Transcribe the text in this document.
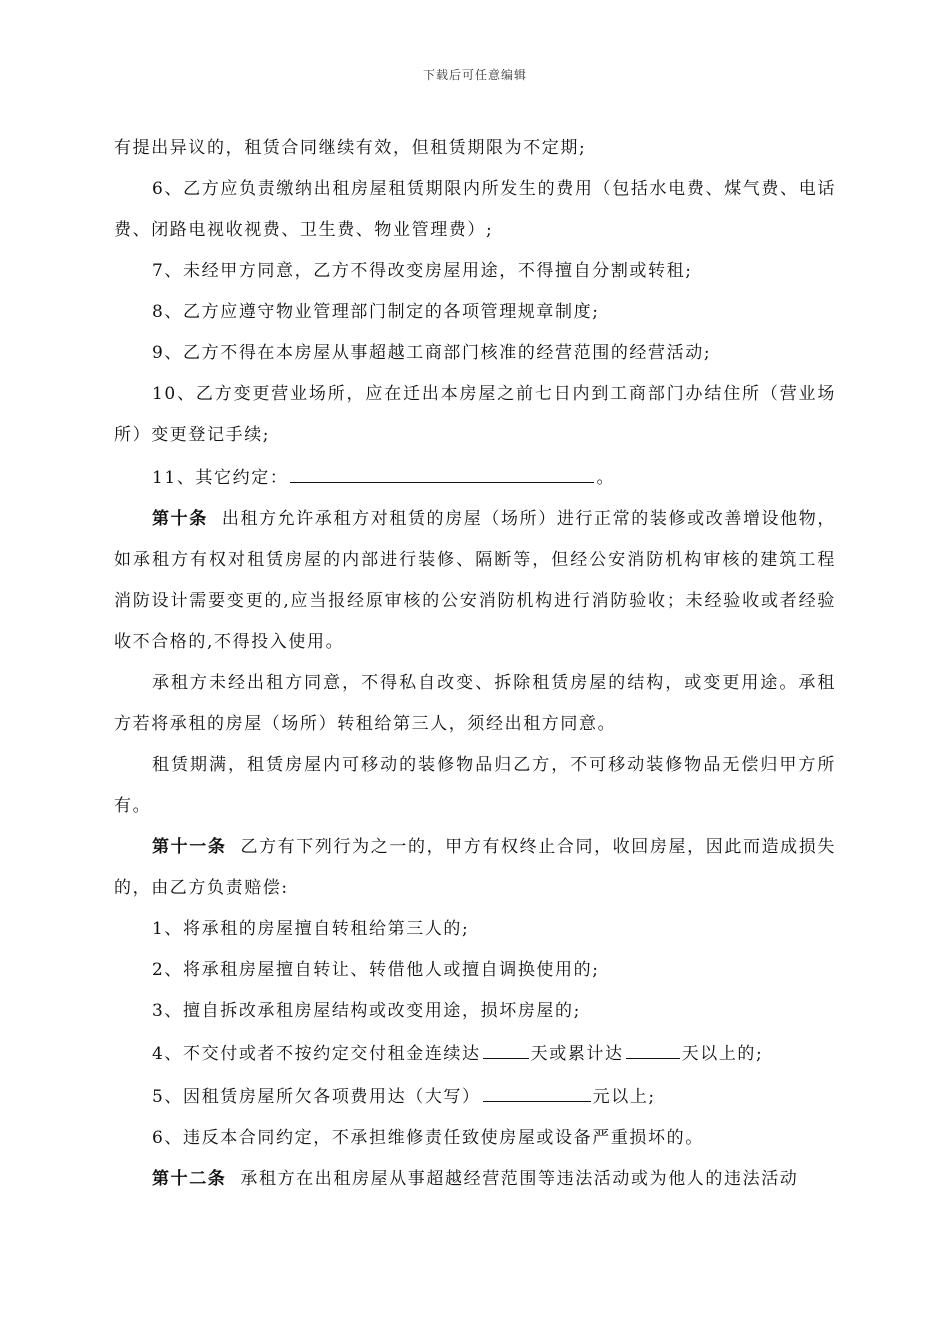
下载后可任意编辑

有提出异议的，租赁合同继续有效，但租赁期限为不定期;

6、乙方应负责缴纳出租房屋租赁期限内所发生的费用（包括水电费、煤气费、电话费、闭路电视收视费、卫生费、物业管理费）;

7、未经甲方同意，乙方不得改变房屋用途，不得擅自分割或转租;

8、乙方应遵守物业管理部门制定的各项管理规章制度;

9、乙方不得在本房屋从事超越工商部门核准的经营范围的经营活动;

10、乙方变更营业场所，应在迁出本房屋之前七日内到工商部门办结住所（营业场所）变更登记手续;

11、其它约定：	。

第十条 出租方允许承租方对租赁的房屋（场所）进行正常的装修或改善增设他物，如承租方有权对租赁房屋的内部进行装修、隔断等，但经公安消防机构审核的建筑工程消防设计需要变更的,应当报经原审核的公安消防机构进行消防验收；未经验收或者经验收不合格的,不得投入使用。

承租方未经出租方同意，不得私自改变、拆除租赁房屋的结构，或变更用途。承租方若将承租的房屋（场所）转租给第三人，须经出租方同意。

租赁期满，租赁房屋内可移动的装修物品归乙方，不可移动装修物品无偿归甲方所有。

第十一条 乙方有下列行为之一的，甲方有权终止合同，收回房屋，因此而造成损失的，由乙方负责赔偿:

1、将承租的房屋擅自转租给第三人的;

2、将承租房屋擅自转让、转借他人或擅自调换使用的;

3、擅自拆改承租房屋结构或改变用途，损坏房屋的;

4、不交付或者不按约定交付租金连续达	天或累计达	天以上的;

5、因租赁房屋所欠各项费用达（大写）	元以上;

6、违反本合同约定，不承担维修责任致使房屋或设备严重损坏的。

第十二条 承租方在出租房屋从事超越经营范围等违法活动或为他人的违法活动
